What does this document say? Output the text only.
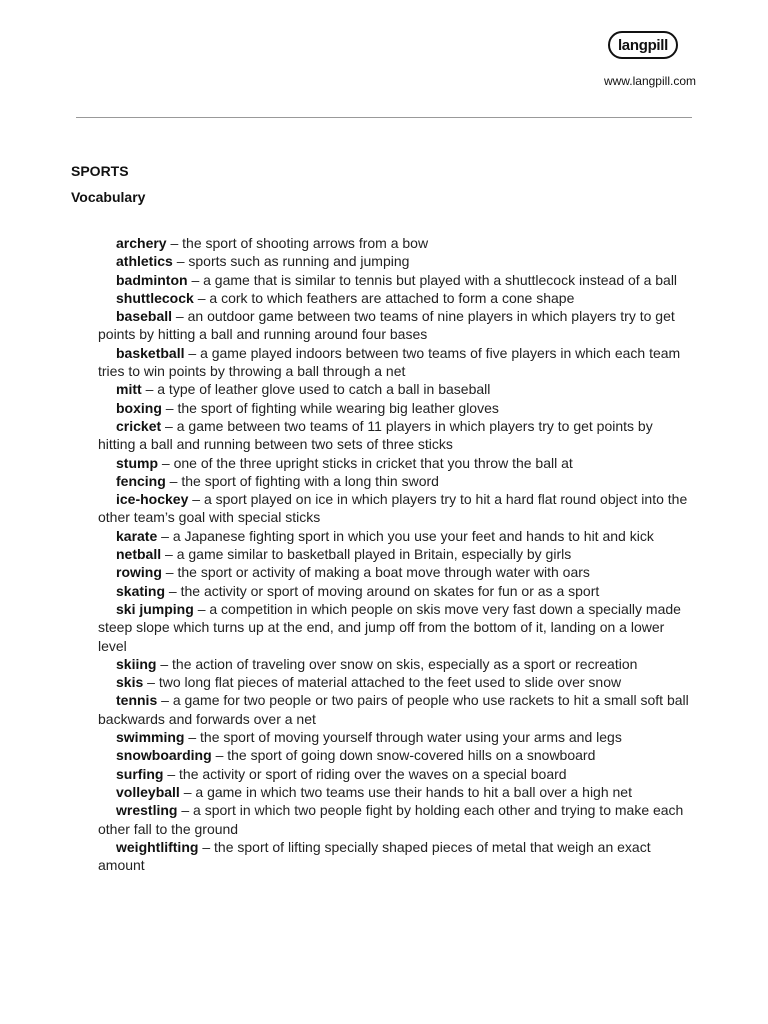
langpill
www.langpill.com
SPORTS
Vocabulary
archery – the sport of shooting arrows from a bow
athletics – sports such as running and jumping
badminton – a game that is similar to tennis but played with a shuttlecock instead of a ball
shuttlecock – a cork to which feathers are attached to form a cone shape
baseball – an outdoor game between two teams of nine players in which players try to get points by hitting a ball and running around four bases
basketball – a game played indoors between two teams of five players in which each team tries to win points by throwing a ball through a net
mitt – a type of leather glove used to catch a ball in baseball
boxing – the sport of fighting while wearing big leather gloves
cricket – a game between two teams of 11 players in which players try to get points by hitting a ball and running between two sets of three sticks
stump – one of the three upright sticks in cricket that you throw the ball at
fencing – the sport of fighting with a long thin sword
ice-hockey – a sport played on ice in which players try to hit a hard flat round object into the other team’s goal with special sticks
karate – a Japanese fighting sport in which you use your feet and hands to hit and kick
netball – a game similar to basketball played in Britain, especially by girls
rowing – the sport or activity of making a boat move through water with oars
skating – the activity or sport of moving around on skates for fun or as a sport
ski jumping – a competition in which people on skis move very fast down a specially made steep slope which turns up at the end, and jump off from the bottom of it, landing on a lower level
skiing – the action of traveling over snow on skis, especially as a sport or recreation
skis – two long flat pieces of material attached to the feet used to slide over snow
tennis – a game for two people or two pairs of people who use rackets to hit a small soft ball backwards and forwards over a net
swimming – the sport of moving yourself through water using your arms and legs
snowboarding – the sport of going down snow-covered hills on a snowboard
surfing – the activity or sport of riding over the waves on a special board
volleyball – a game in which two teams use their hands to hit a ball over a high net
wrestling – a sport in which two people fight by holding each other and trying to make each other fall to the ground
weightlifting – the sport of lifting specially shaped pieces of metal that weigh an exact amount
